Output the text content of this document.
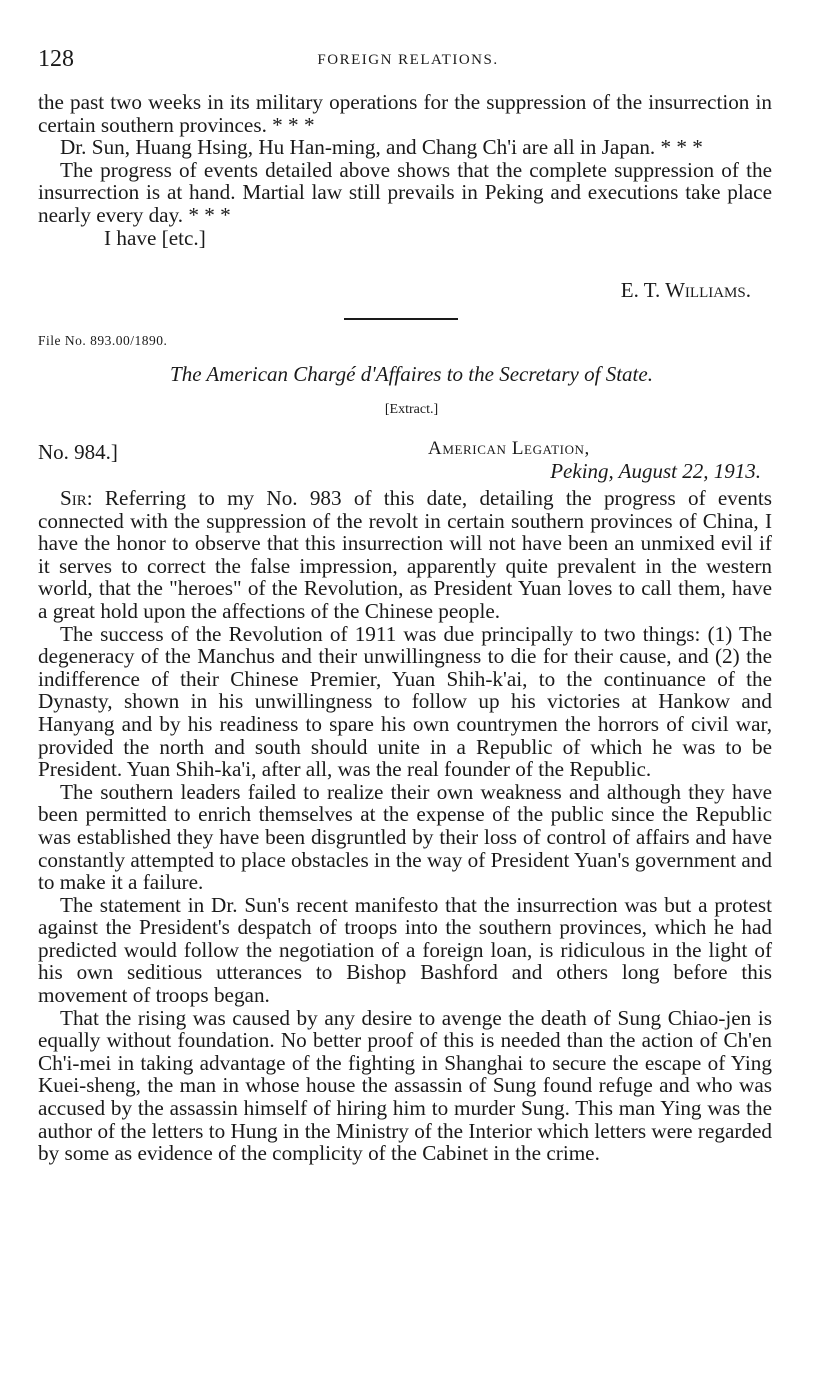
128	FOREIGN RELATIONS.

the past two weeks in its military operations for the suppression of the insurrection in certain southern provinces. * * *

Dr. Sun, Huang Hsing, Hu Han-ming, and Chang Ch'i are all in Japan. * * *

The progress of events detailed above shows that the complete suppression of the insurrection is at hand. Martial law still prevails in Peking and executions take place nearly every day. * * *

I have [etc.]

E. T. Williams.
File No. 893.00/1890.
The American Chargé d'Affaires to the Secretary of State.
[Extract.]
No. 984.]	American Legation,
Peking, August 22, 1913.

Sir: Referring to my No. 983 of this date, detailing the progress of events connected with the suppression of the revolt in certain southern provinces of China, I have the honor to observe that this insurrection will not have been an unmixed evil if it serves to correct the false impression, apparently quite prevalent in the western world, that the "heroes" of the Revolution, as President Yuan loves to call them, have a great hold upon the affections of the Chinese people.

The success of the Revolution of 1911 was due principally to two things: (1) The degeneracy of the Manchus and their unwillingness to die for their cause, and (2) the indifference of their Chinese Premier, Yuan Shih-k'ai, to the continuance of the Dynasty, shown in his unwillingness to follow up his victories at Hankow and Hanyang and by his readiness to spare his own countrymen the horrors of civil war, provided the north and south should unite in a Republic of which he was to be President. Yuan Shih-ka'i, after all, was the real founder of the Republic.

The southern leaders failed to realize their own weakness and although they have been permitted to enrich themselves at the expense of the public since the Republic was established they have been disgruntled by their loss of control of affairs and have constantly attempted to place obstacles in the way of President Yuan's government and to make it a failure.

The statement in Dr. Sun's recent manifesto that the insurrection was but a protest against the President's despatch of troops into the southern provinces, which he had predicted would follow the negotiation of a foreign loan, is ridiculous in the light of his own seditious utterances to Bishop Bashford and others long before this movement of troops began.

That the rising was caused by any desire to avenge the death of Sung Chiao-jen is equally without foundation. No better proof of this is needed than the action of Ch'en Ch'i-mei in taking advantage of the fighting in Shanghai to secure the escape of Ying Kuei-sheng, the man in whose house the assassin of Sung found refuge and who was accused by the assassin himself of hiring him to murder Sung. This man Ying was the author of the letters to Hung in the Ministry of the Interior which letters were regarded by some as evidence of the complicity of the Cabinet in the crime.
